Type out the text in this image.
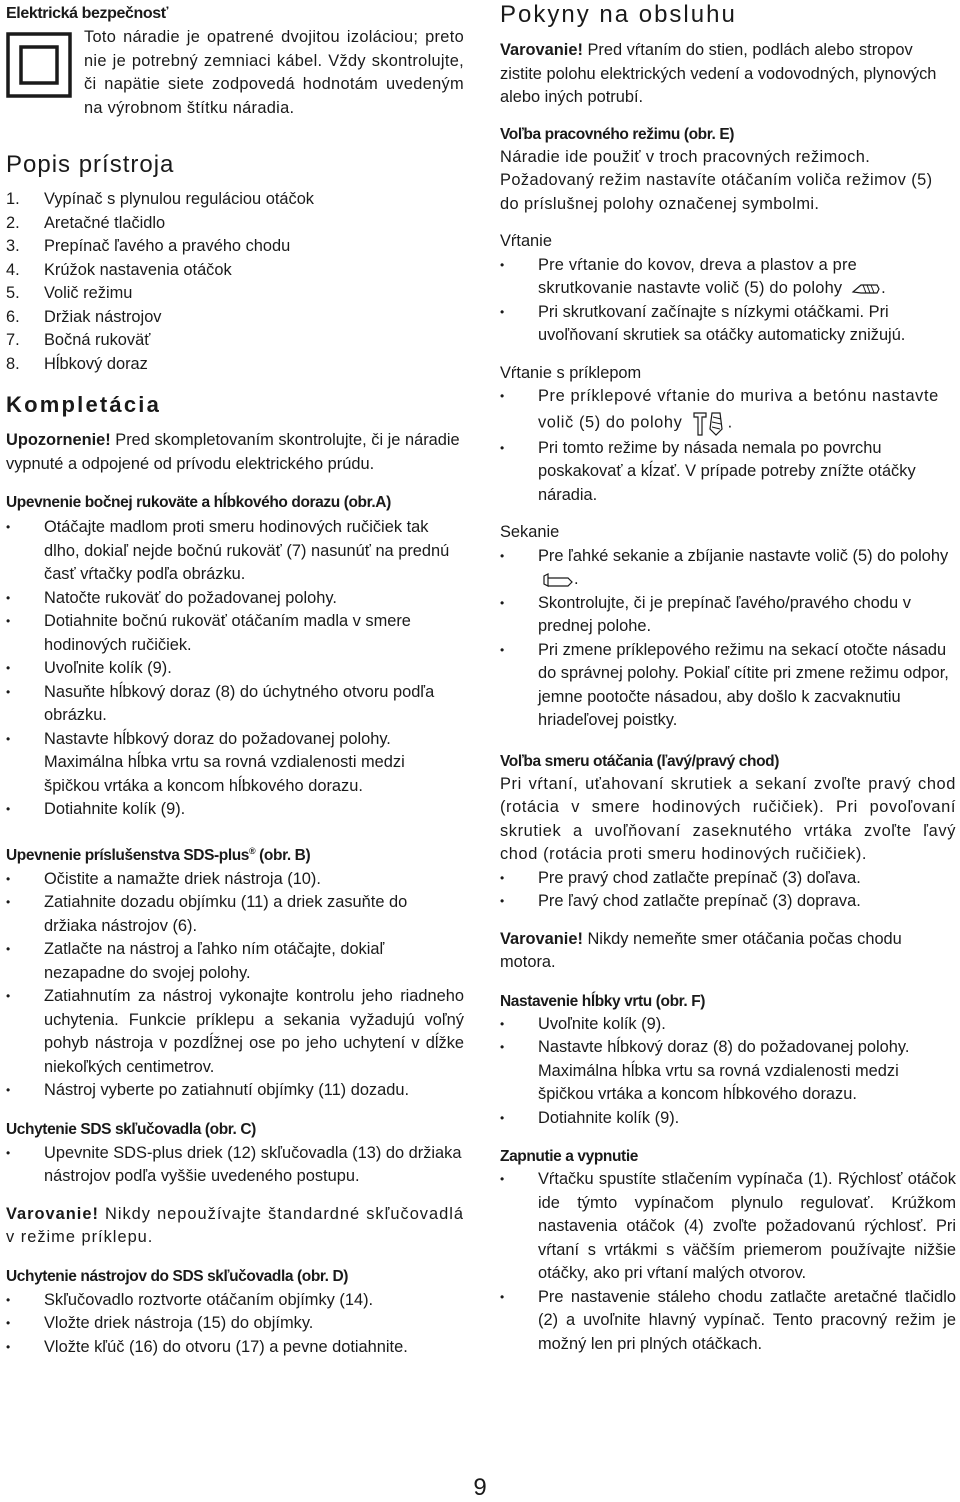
Elektrická bezpečnosť

Toto náradie je opatrené dvojitou izoláciou; preto nie je potrebný zemniaci kábel. Vždy skontrolujte, či napätie siete zodpovedá hodnotám uvedeným na výrobnom štítku náradia.

Popis prístroja

1. Vypínač s plynulou reguláciou otáčok
2. Aretačné tlačidlo
3. Prepínač ľavého a pravého chodu
4. Krúžok nastavenia otáčok
5. Volič režimu
6. Držiak nástrojov
7. Bočná rukoväť
8. Hĺbkový doraz

Kompletácia

Upozornenie! Pred skompletovaním skontrolujte, či je náradie vypnuté a odpojené od prívodu elektrického prúdu.

Upevnenie bočnej rukoväte a hĺbkového dorazu (obr.A)

• Otáčajte madlom proti smeru hodinových ručičiek tak dlho, dokiaľ nejde bočnú rukoväť (7) nasunúť na prednú časť vŕtačky podľa obrázku.
• Natočte rukoväť do požadovanej polohy.
• Dotiahnite bočnú rukoväť otáčaním madla v smere hodinových ručičiek.
• Uvoľnite kolík (9).
• Nasuňte hĺbkový doraz (8) do úchytného otvoru podľa obrázku.
• Nastavte hĺbkový doraz do požadovanej polohy. Maximálna hĺbka vrtu sa rovná vzdialenosti medzi špičkou vrtáka a koncom hĺbkového dorazu.
• Dotiahnite kolík (9).

Upevnenie príslušenstva SDS-plus® (obr. B)

• Očistite a namažte driek nástroja (10).
• Zatiahnite dozadu objímku (11) a driek zasuňte do držiaka nástrojov (6).
• Zatlačte na nástroj a ľahko ním otáčajte, dokiaľ nezapadne do svojej polohy.
• Zatiahnutím za nástroj vykonajte kontrolu jeho riadneho uchytenia. Funkcie príklepu a sekania vyžadujú voľný pohyb nástroja v pozdĺžnej ose po jeho uchytení v dĺžke niekoľkých centimetrov.
• Nástroj vyberte po zatiahnutí objímky (11) dozadu.

Uchytenie SDS skľučovadla (obr. C)

• Upevnite SDS-plus driek (12) skľučovadla (13) do držiaka nástrojov podľa vyššie uvedeného postupu.

Varovanie! Nikdy nepoužívajte štandardné skľučovadlá v režime príklepu.

Uchytenie nástrojov do SDS skľučovadla (obr. D)

• Skľučovadlo roztvorte otáčaním objímky (14).
• Vložte driek nástroja (15) do objímky.
• Vložte kľúč (16) do otvoru (17) a pevne dotiahnite.

Pokyny na obsluhu

Varovanie! Pred vŕtaním do stien, podlách alebo stropov zistite polohu elektrických vedení a vodovodných, plynových alebo iných potrubí.

Voľba pracovného režimu (obr. E)

Náradie ide použiť v troch pracovných režimoch. Požadovaný režim nastavíte otáčaním voliča režimov (5) do príslušnej polohy označenej symbolmi.

Vŕtanie

• Pre vŕtanie do kovov, dreva a plastov a pre skrutkovanie nastavte volič (5) do polohy .
• Pri skrutkovaní začínajte s nízkymi otáčkami. Pri uvoľňovaní skrutiek sa otáčky automaticky znižujú.

Vŕtanie s príklepom

• Pre príklepové vŕtanie do muriva a betónu nastavte volič (5) do polohy	.
• Pri tomto režime by násada nemala po povrchu poskakovať a kĺzať. V prípade potreby znížte otáčky náradia.

Sekanie

• Pre ľahké sekanie a zbíjanie nastavte volič (5) do polohy .
• Skontrolujte, či je prepínač ľavého/pravého chodu v prednej polohe.
• Pri zmene príklepového režimu na sekací otočte násadu do správnej polohy. Pokiaľ cítite pri zmene režimu odpor, jemne pootočte násadou, aby došlo k zacvaknutiu hriadeľovej poistky.

Voľba smeru otáčania (ľavý/pravý chod)

Pri vŕtaní, uťahovaní skrutiek a sekaní zvoľte pravý chod (rotácia v smere hodinových ručičiek). Pri povoľovaní skrutiek a uvoľňovaní zaseknutého vrtáka zvoľte ľavý chod (rotácia proti smeru hodinových ručičiek).

• Pre pravý chod zatlačte prepínač (3) doľava.
• Pre ľavý chod zatlačte prepínač (3) doprava.

Varovanie! Nikdy nemeňte smer otáčania počas chodu motora.

Nastavenie hĺbky vrtu (obr. F)

• Uvoľnite kolík (9).
• Nastavte hĺbkový doraz (8) do požadovanej polohy. Maximálna hĺbka vrtu sa rovná vzdialenosti medzi špičkou vrtáka a koncom hĺbkového dorazu.
• Dotiahnite kolík (9).

Zapnutie a vypnutie

• Vŕtačku spustíte stlačením vypínača (1). Rýchlosť otáčok ide týmto vypínačom plynulo regulovať. Krúžkom nastavenia otáčok (4) zvoľte požadovanú rýchlosť. Pri vŕtaní s vrtákmi s väčším priemerom používajte nižšie otáčky, ako pri vŕtaní malých otvorov.
• Pre nastavenie stáleho chodu zatlačte aretačné tlačidlo (2) a uvoľnite hlavný vypínač. Tento pracovný režim je možný len pri plných otáčkach.
9
